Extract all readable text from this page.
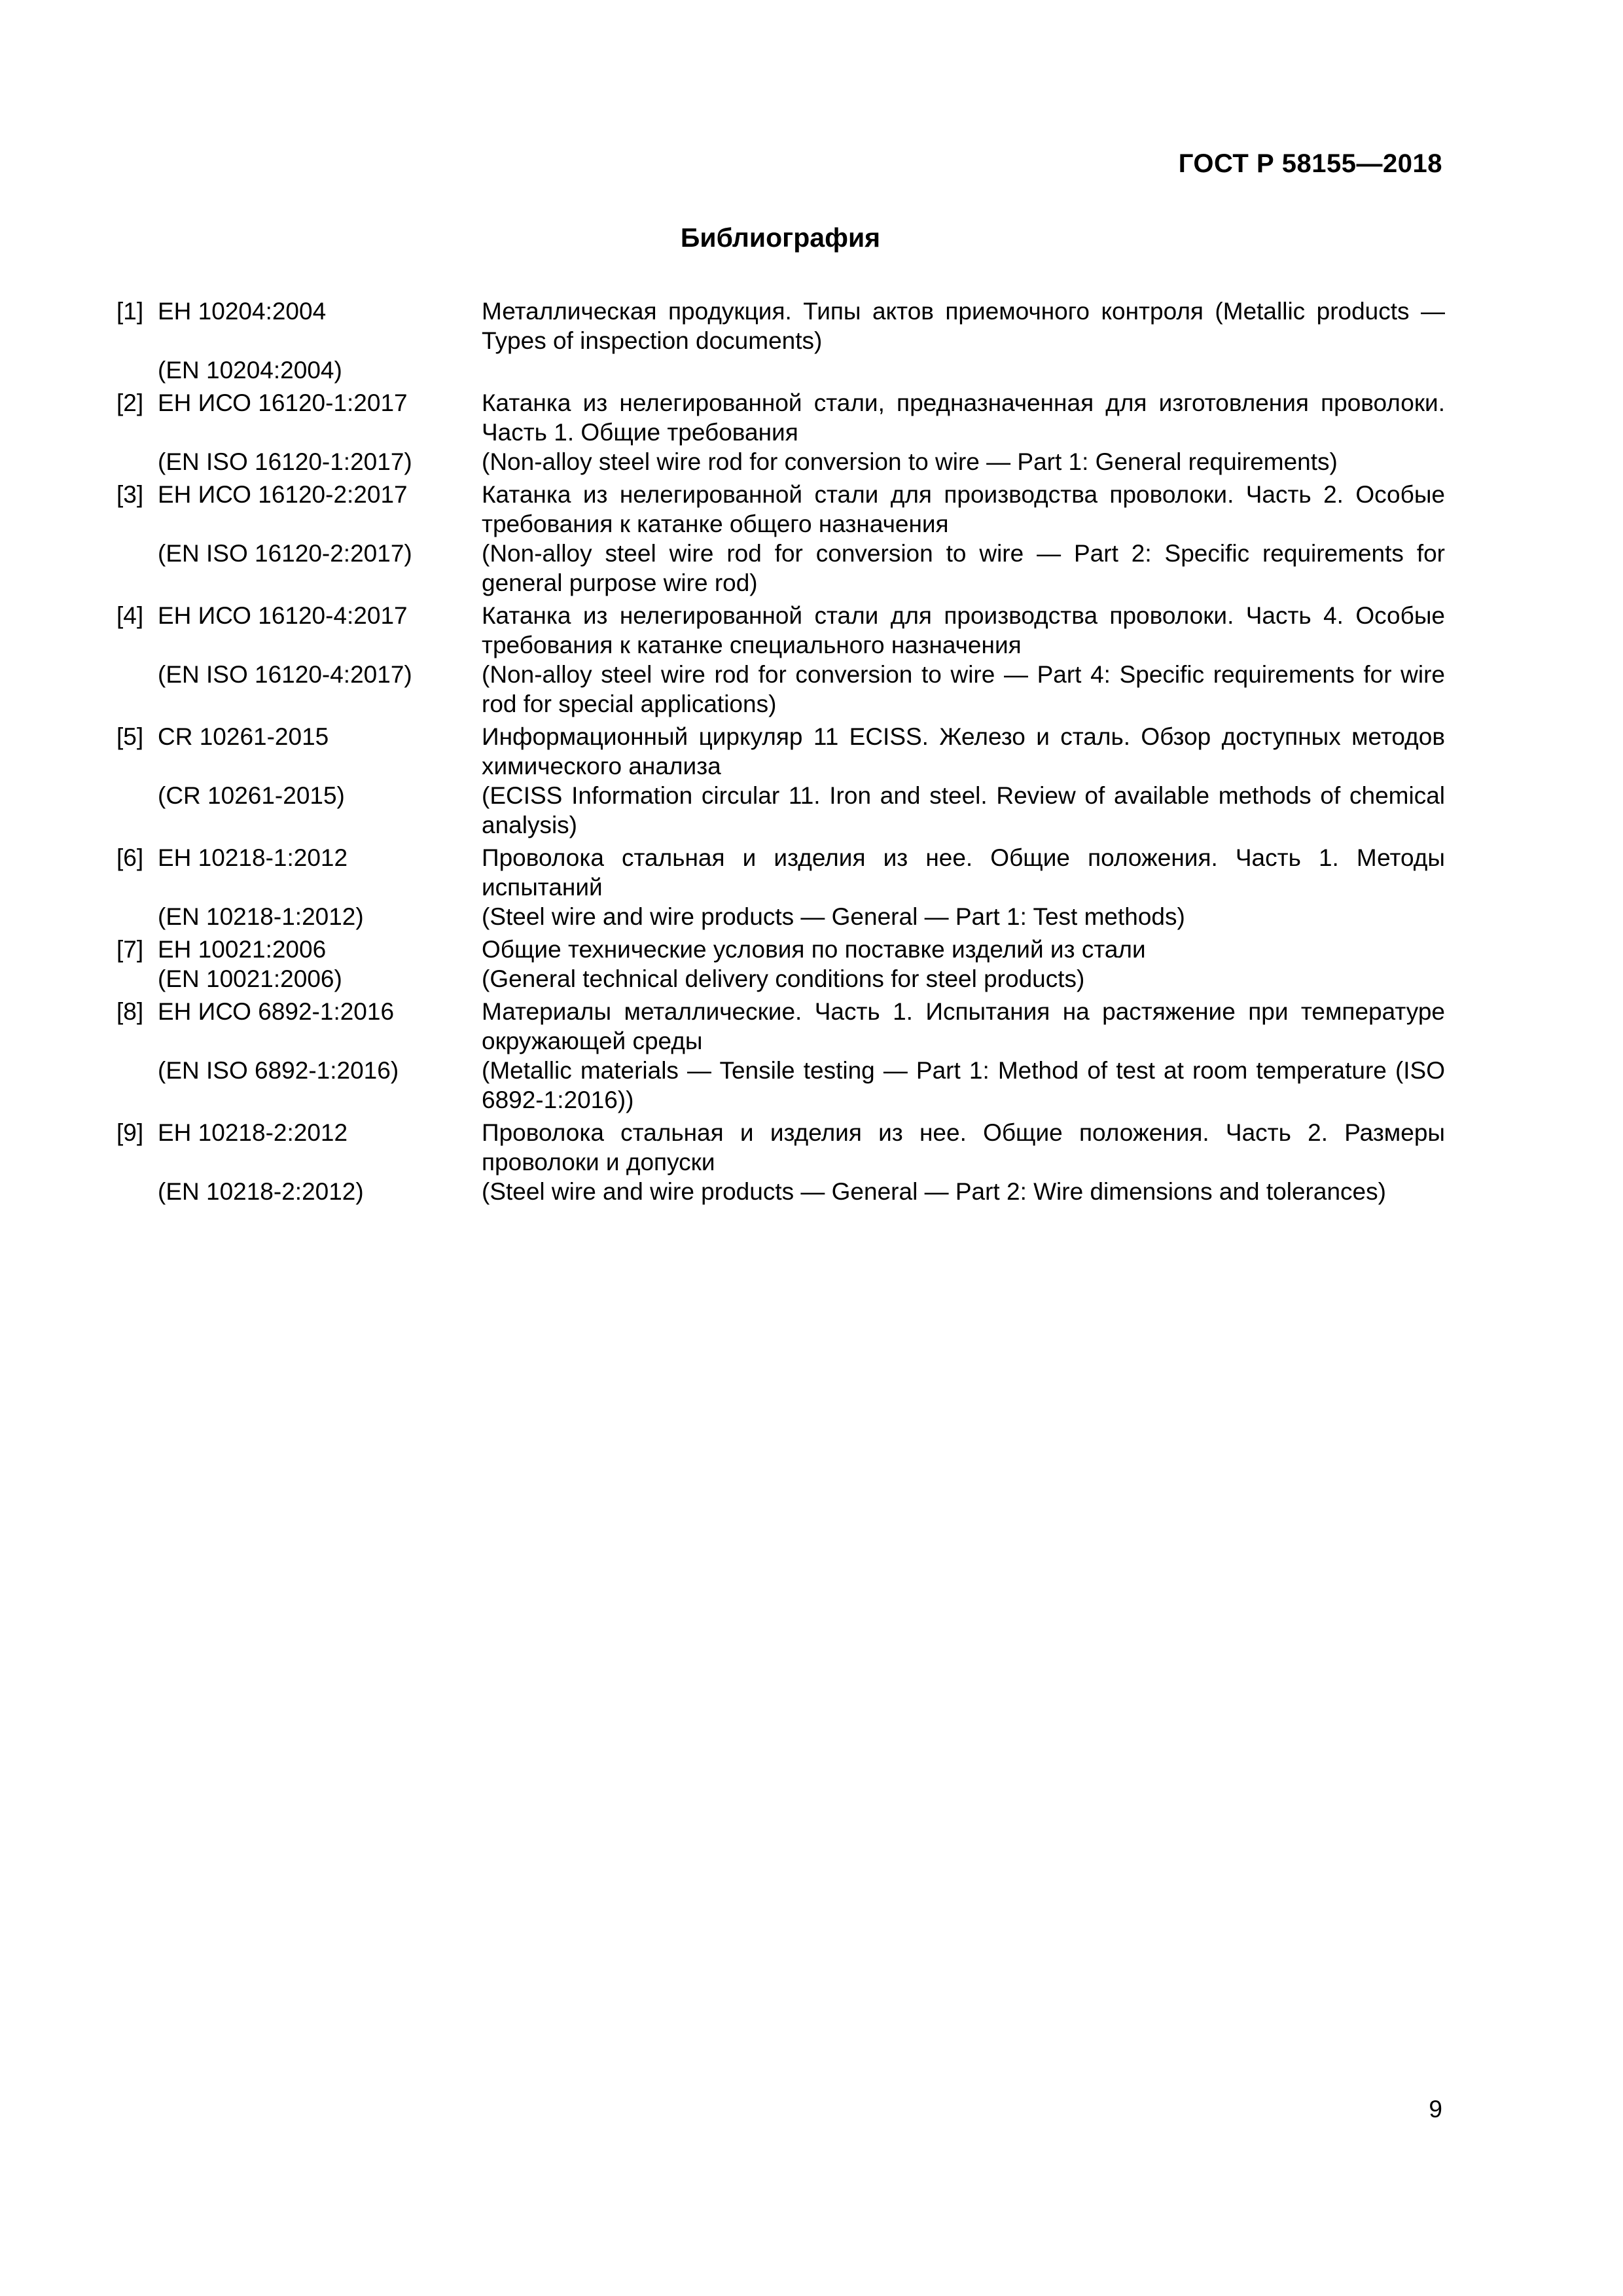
ГОСТ Р 58155—2018
Библиография
[1]	ЕН 10204:2004	Металлическая продукция. Типы актов приемочного контроля (Metallic products — Types of inspection documents)
	(EN 10204:2004)	
[2]	ЕН ИСО 16120-1:2017	Катанка из нелегированной стали, предназначенная для изготовления проволоки. Часть 1. Общие требования
	(EN ISO 16120-1:2017)	(Non-alloy steel wire rod for conversion to wire — Part 1: General requirements)
[3]	ЕН ИСО 16120-2:2017	Катанка из нелегированной стали для производства проволоки. Часть 2. Особые требования к катанке общего назначения
	(EN ISO 16120-2:2017)	(Non-alloy steel wire rod for conversion to wire — Part 2: Specific requirements for general purpose wire rod)
[4]	ЕН ИСО 16120-4:2017	Катанка из нелегированной стали для производства проволоки. Часть 4. Особые требования к катанке специального назначения
	(EN ISO 16120-4:2017)	(Non-alloy steel wire rod for conversion to wire — Part 4: Specific requirements for wire rod for special applications)
[5]	CR 10261-2015	Информационный циркуляр 11 ECISS. Железо и сталь. Обзор доступных методов химического анализа
	(CR 10261-2015)	(ECISS Information circular 11. Iron and steel. Review of available methods of chemical analysis)
[6]	ЕН 10218-1:2012	Проволока стальная и изделия из нее. Общие положения. Часть 1. Методы испытаний
	(EN 10218-1:2012)	(Steel wire and wire products — General — Part 1: Test methods)
[7]	ЕН 10021:2006	Общие технические условия по поставке изделий из стали
	(EN 10021:2006)	(General technical delivery conditions for steel products)
[8]	ЕН ИСО 6892-1:2016	Материалы металлические. Часть 1. Испытания на растяжение при температуре окружающей среды
	(EN ISO 6892-1:2016)	(Metallic materials — Tensile testing — Part 1: Method of test at room temperature (ISO 6892-1:2016))
[9]	ЕН 10218-2:2012	Проволока стальная и изделия из нее. Общие положения. Часть 2. Размеры проволоки и допуски
	(EN 10218-2:2012)	(Steel wire and wire products — General — Part 2: Wire dimensions and tolerances)
9
